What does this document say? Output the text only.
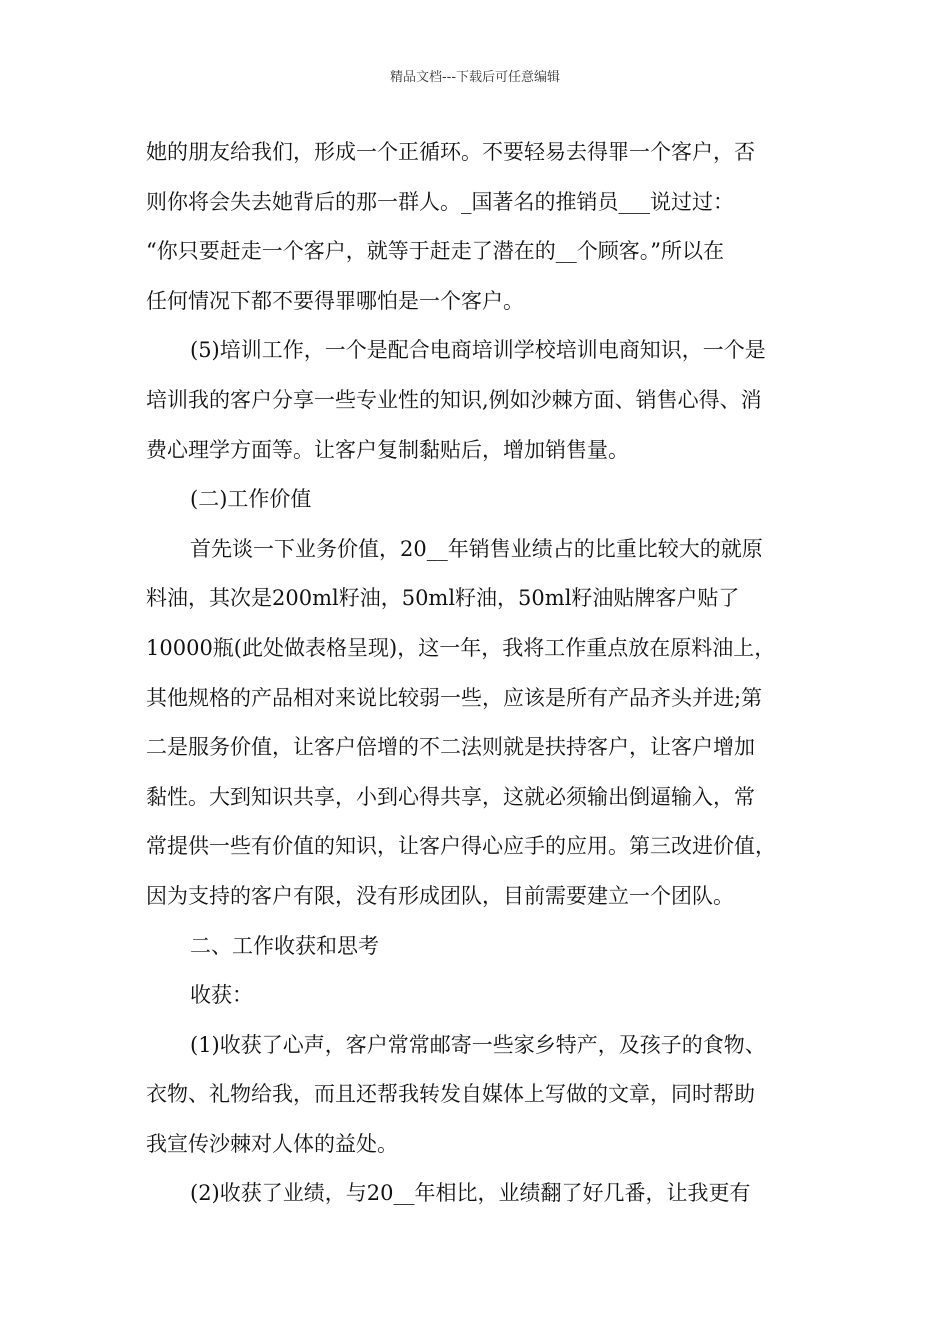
精品文档---下载后可任意编辑
她的朋友给我们，形成一个正循环。不要轻易去得罪一个客户，否
则你将会失去她背后的那一群人。_国著名的推销员___说过过：
“你只要赶走一个客户，就等于赶走了潜在的__个顾客。”所以在
任何情况下都不要得罪哪怕是一个客户。
(5)培训工作，一个是配合电商培训学校培训电商知识，一个是
培训我的客户分享一些专业性的知识,例如沙棘方面、销售心得、消
费心理学方面等。让客户复制黏贴后，增加销售量。
(二)工作价值
首先谈一下业务价值，20__年销售业绩占的比重比较大的就原
料油，其次是200ml籽油，50ml籽油，50ml籽油贴牌客户贴了
10000瓶(此处做表格呈现)，这一年，我将工作重点放在原料油上，
其他规格的产品相对来说比较弱一些，应该是所有产品齐头并进;第
二是服务价值，让客户倍增的不二法则就是扶持客户，让客户增加
黏性。大到知识共享，小到心得共享，这就必须输出倒逼输入，常
常提供一些有价值的知识，让客户得心应手的应用。第三改进价值，
因为支持的客户有限，没有形成团队，目前需要建立一个团队。
二、工作收获和思考
收获：
(1)收获了心声，客户常常邮寄一些家乡特产，及孩子的食物、
衣物、礼物给我，而且还帮我转发自媒体上写做的文章，同时帮助
我宣传沙棘对人体的益处。
(2)收获了业绩，与20__年相比，业绩翻了好几番，让我更有
